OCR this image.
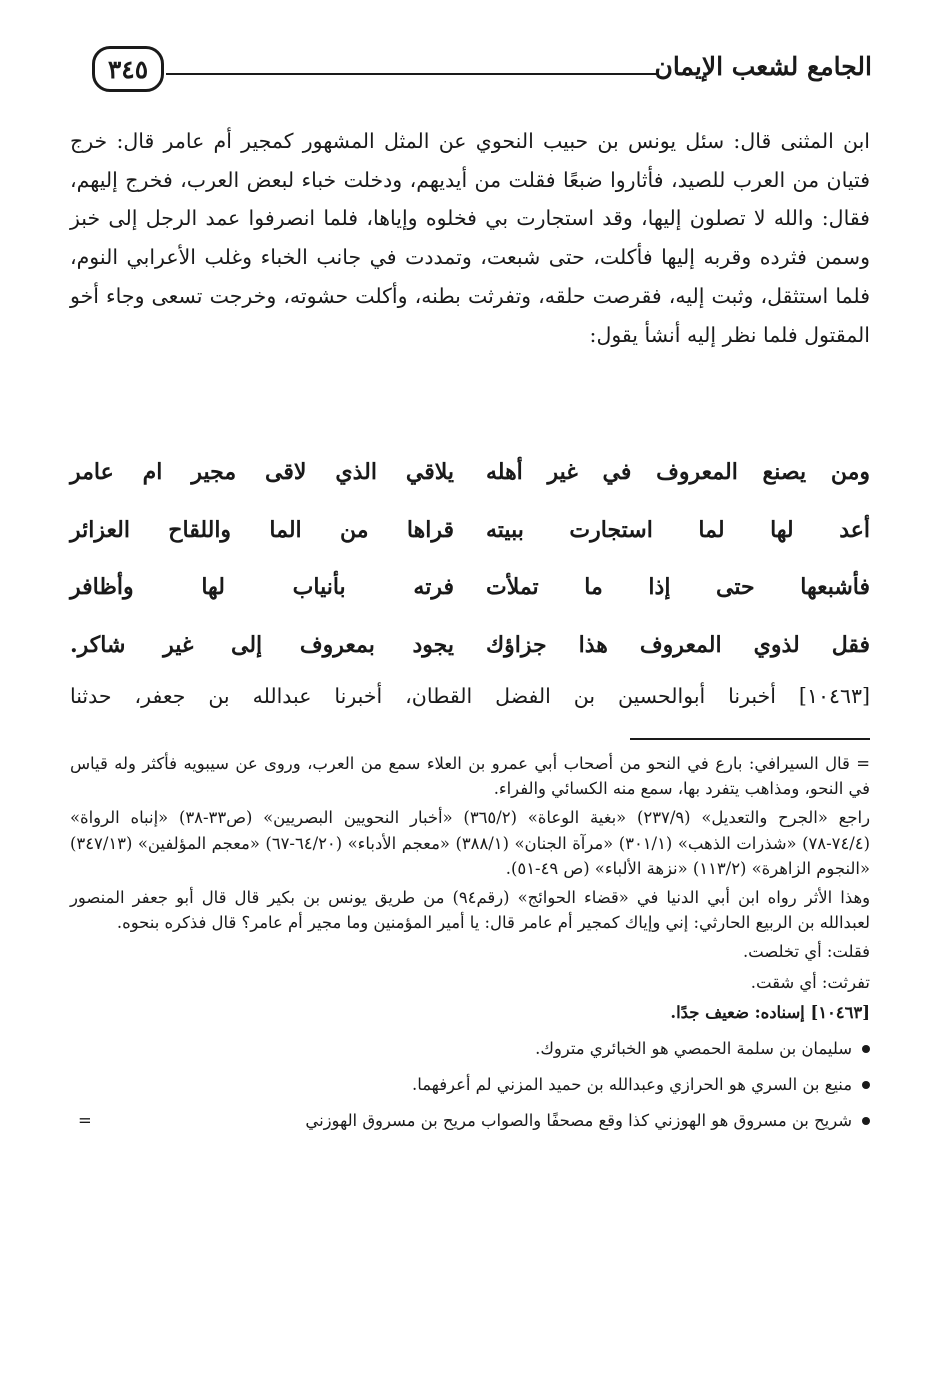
الجامع لشعب الإيمان
٣٤٥

ابن المثنى قال: سئل يونس بن حبيب النحوي عن المثل المشهور كمجير أم عامر قال: خرج فتيان من العرب للصيد، فأثاروا ضبعًا فقلت من أيديهم، ودخلت خباء لبعض العرب، فخرج إليهم، فقال: والله لا تصلون إليها، وقد استجارت بي فخلوه وإياها، فلما انصرفوا عمد الرجل إلى خبز وسمن فثرده وقربه إليها فأكلت، حتى شبعت، وتمددت في جانب الخباء وغلب الأعرابي النوم، فلما استثقل، وثبت إليه، فقرصت حلقه، وتفرثت بطنه، وأكلت حشوته، وخرجت تسعى وجاء أخو المقتول فلما نظر إليه أنشأ يقول:

ومن يصنع المعروف في غير أهله
يلاقي الذي لاقى مجير ام عامر
أعد لها لما استجارت ببيته
قراها من الما واللقاح العزائر
فأشبعها حتى إذا ما تملأت
فرته بأنياب لها وأظافر
فقل لذوي المعروف هذا جزاؤك
يجود بمعروف إلى غير شاكر.
[١٠٤٦٣] أخبرنا أبوالحسين بن الفضل القطان، أخبرنا عبدالله بن جعفر، حدثنا

= قال السيرافي: بارع في النحو من أصحاب أبي عمرو بن العلاء سمع من العرب، وروى عن سيبويه فأكثر وله قياس في النحو، ومذاهب يتفرد بها، سمع منه الكسائي والفراء.

راجع «الجرح والتعديل» (٢٣٧/٩) «بغية الوعاة» (٣٦٥/٢) «أخبار النحويين البصريين» (ص٣٣-٣٨) «إنباه الرواة» (٧٤/٤-٧٨) «شذرات الذهب» (٣٠١/١) «مرآة الجنان» (٣٨٨/١) «معجم الأدباء» (٦٤/٢٠-٦٧) «معجم المؤلفين» (٣٤٧/١٣) «النجوم الزاهرة» (١١٣/٢) «نزهة الألباء» (ص ٤٩-٥١).

وهذا الأثر رواه ابن أبي الدنيا في «قضاء الحوائج» (رقم٩٤) من طريق يونس بن بكير قال قال أبو جعفر المنصور لعبدالله بن الربيع الحارثي: إني وإياك كمجير أم عامر قال: يا أمير المؤمنين وما مجير أم عامر؟ قال فذكره بنحوه.

فقلت: أي تخلصت.

تفرثت: أي شقت.

[١٠٤٦٣] إسناده: ضعيف جدًا.

سليمان بن سلمة الحمصي هو الخبائري متروك.
منيع بن السري هو الحرازي وعبدالله بن حميد المزني لم أعرفهما.
شريح بن مسروق هو الهوزني كذا وقع مصحفًا والصواب مريح بن مسروق الهوزني
=
